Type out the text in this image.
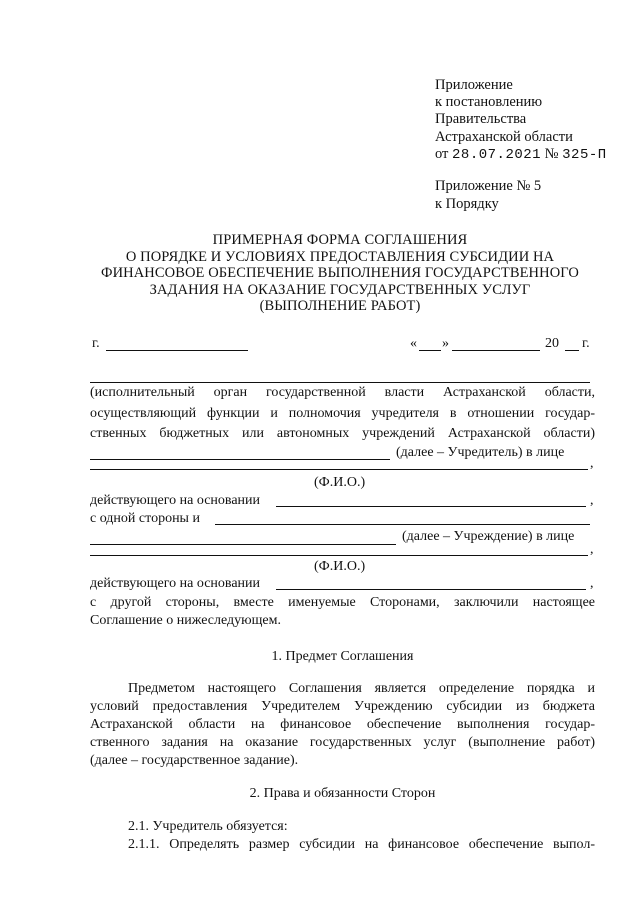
Приложение
к постановлению
Правительства
Астраханской области
от 28.07.2021 № 325-П
Приложение № 5
к Порядку
ПРИМЕРНАЯ ФОРМА СОГЛАШЕНИЯ
О ПОРЯДКЕ И УСЛОВИЯХ ПРЕДОСТАВЛЕНИЯ СУБСИДИИ НА
ФИНАНСОВОЕ ОБЕСПЕЧЕНИЕ ВЫПОЛНЕНИЯ ГОСУДАРСТВЕННОГО
ЗАДАНИЯ НА ОКАЗАНИЕ ГОСУДАРСТВЕННЫХ УСЛУГ
(ВЫПОЛНЕНИЕ РАБОТ)
г.	« »	20 г.
(исполнительный орган государственной власти Астраханской области,
осуществляющий функции и полномочия учредителя в отношении государ-
ственных бюджетных или автономных учреждений Астраханской области)
(далее – Учредитель) в лице
,
(Ф.И.О.)
действующего на основании	,
с одной стороны и
(далее – Учреждение) в лице
,
(Ф.И.О.)
действующего на основании	,
с другой стороны, вместе именуемые Сторонами, заключили настоящее
Соглашение о нижеследующем.
1. Предмет Соглашения
Предметом настоящего Соглашения является определение порядка и
условий предоставления Учредителем Учреждению субсидии из бюджета
Астраханской области на финансовое обеспечение выполнения государ-
ственного задания на оказание государственных услуг (выполнение работ)
(далее – государственное задание).
2. Права и обязанности Сторон
2.1. Учредитель обязуется:
2.1.1. Определять размер субсидии на финансовое обеспечение выпол-
